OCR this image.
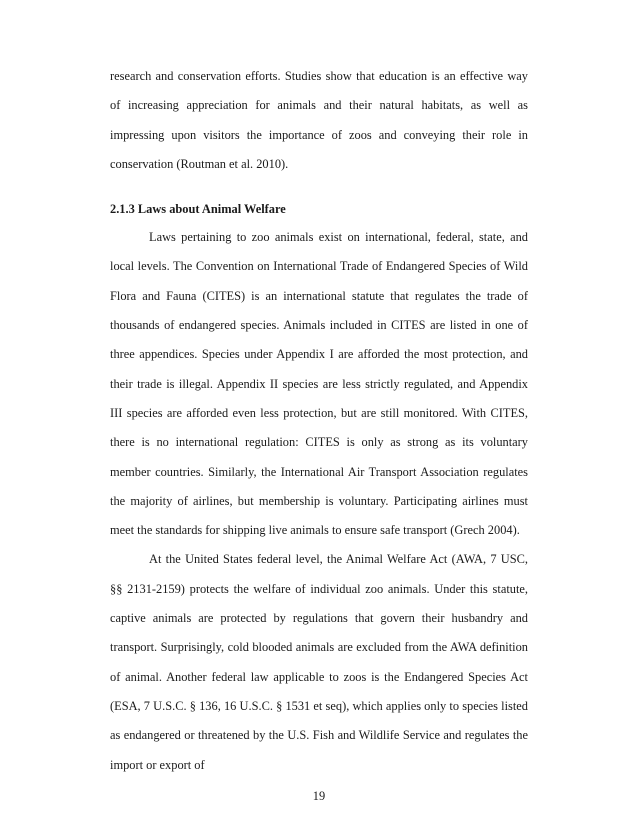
research and conservation efforts. Studies show that education is an effective way of increasing appreciation for animals and their natural habitats, as well as impressing upon visitors the importance of zoos and conveying their role in conservation (Routman et al. 2010).

2.1.3 Laws about Animal Welfare

Laws pertaining to zoo animals exist on international, federal, state, and local levels. The Convention on International Trade of Endangered Species of Wild Flora and Fauna (CITES) is an international statute that regulates the trade of thousands of endangered species. Animals included in CITES are listed in one of three appendices. Species under Appendix I are afforded the most protection, and their trade is illegal. Appendix II species are less strictly regulated, and Appendix III species are afforded even less protection, but are still monitored. With CITES, there is no international regulation: CITES is only as strong as its voluntary member countries. Similarly, the International Air Transport Association regulates the majority of airlines, but membership is voluntary. Participating airlines must meet the standards for shipping live animals to ensure safe transport (Grech 2004).

At the United States federal level, the Animal Welfare Act (AWA, 7 USC, §§ 2131-2159) protects the welfare of individual zoo animals. Under this statute, captive animals are protected by regulations that govern their husbandry and transport. Surprisingly, cold blooded animals are excluded from the AWA definition of animal. Another federal law applicable to zoos is the Endangered Species Act (ESA, 7 U.S.C. § 136, 16 U.S.C. § 1531 et seq), which applies only to species listed as endangered or threatened by the U.S. Fish and Wildlife Service and regulates the import or export of

19
